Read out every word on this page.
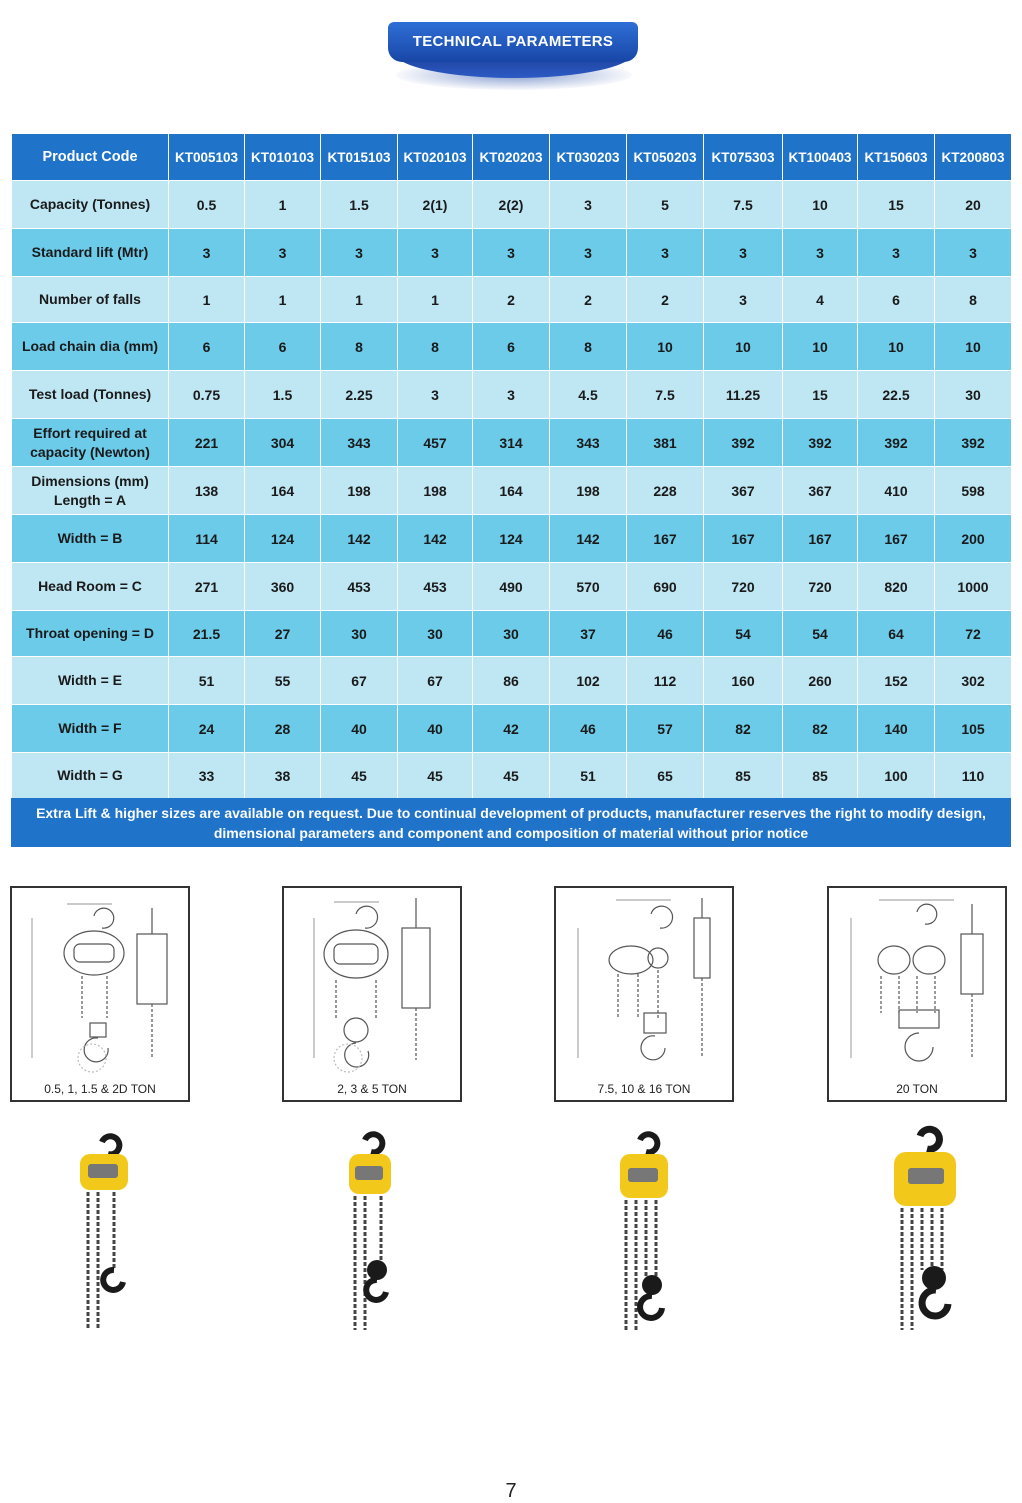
TECHNICAL PARAMETERS
Product Code	KT005103	KT010103	KT015103	KT020103	KT020203	KT030203	KT050203	KT075303	KT100403	KT150603	KT200803
Capacity (Tonnes)	0.5	1	1.5	2(1)	2(2)	3	5	7.5	10	15	20
Standard lift (Mtr)	3	3	3	3	3	3	3	3	3	3	3
Number of falls	1	1	1	1	2	2	2	3	4	6	8
Load chain dia (mm)	6	6	8	8	6	8	10	10	10	10	10
Test load (Tonnes)	0.75	1.5	2.25	3	3	4.5	7.5	11.25	15	22.5	30
Effort required at capacity (Newton)	221	304	343	457	314	343	381	392	392	392	392
Dimensions (mm) Length = A	138	164	198	198	164	198	228	367	367	410	598
Width = B	114	124	142	142	124	142	167	167	167	167	200
Head Room = C	271	360	453	453	490	570	690	720	720	820	1000
Throat opening = D	21.5	27	30	30	30	37	46	54	54	64	72
Width = E	51	55	67	67	86	102	112	160	260	152	302
Width = F	24	28	40	40	42	46	57	82	82	140	105
Width = G	33	38	45	45	45	51	65	85	85	100	110
Extra Lift & higher sizes are available on request. Due to continual development of products, manufacturer reserves the right to modify design,
dimensional parameters and component and composition of material without prior notice
0.5, 1, 1.5 & 2D TON	2, 3 & 5 TON	7.5, 10 & 16 TON	20 TON
7
